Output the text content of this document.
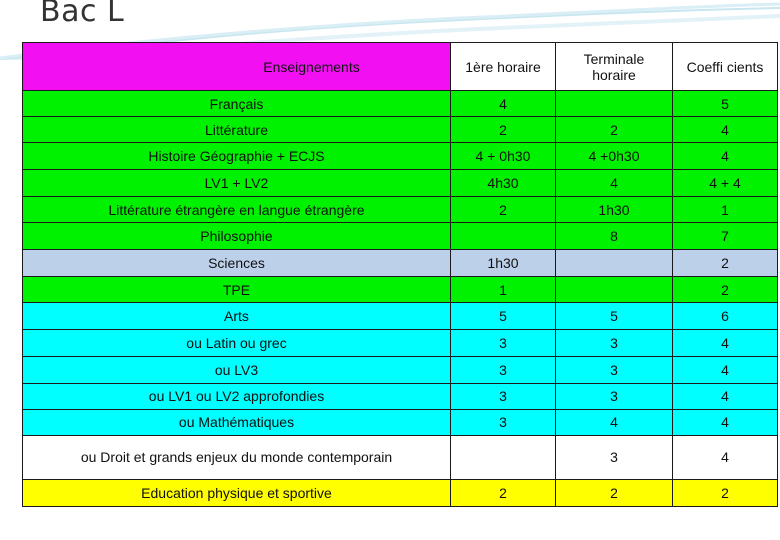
Bac L
Enseignements	1ère horaire	Terminale horaire	Coeffi cients
Français	4		5
Littérature	2	2	4
Histoire Géographie + ECJS	4 + 0h30	4 +0h30	4
LV1 + LV2	4h30	4	4 + 4
Littérature étrangère en langue étrangère	2	1h30	1
Philosophie		8	7
Sciences	1h30		2
TPE	1		2
Arts	5	5	6
ou Latin ou grec	3	3	4
ou LV3	3	3	4
ou LV1 ou LV2 approfondies	3	3	4
ou Mathématiques	3	4	4
ou Droit et grands enjeux du monde contemporain		3	4
Education physique et sportive	2	2	2
